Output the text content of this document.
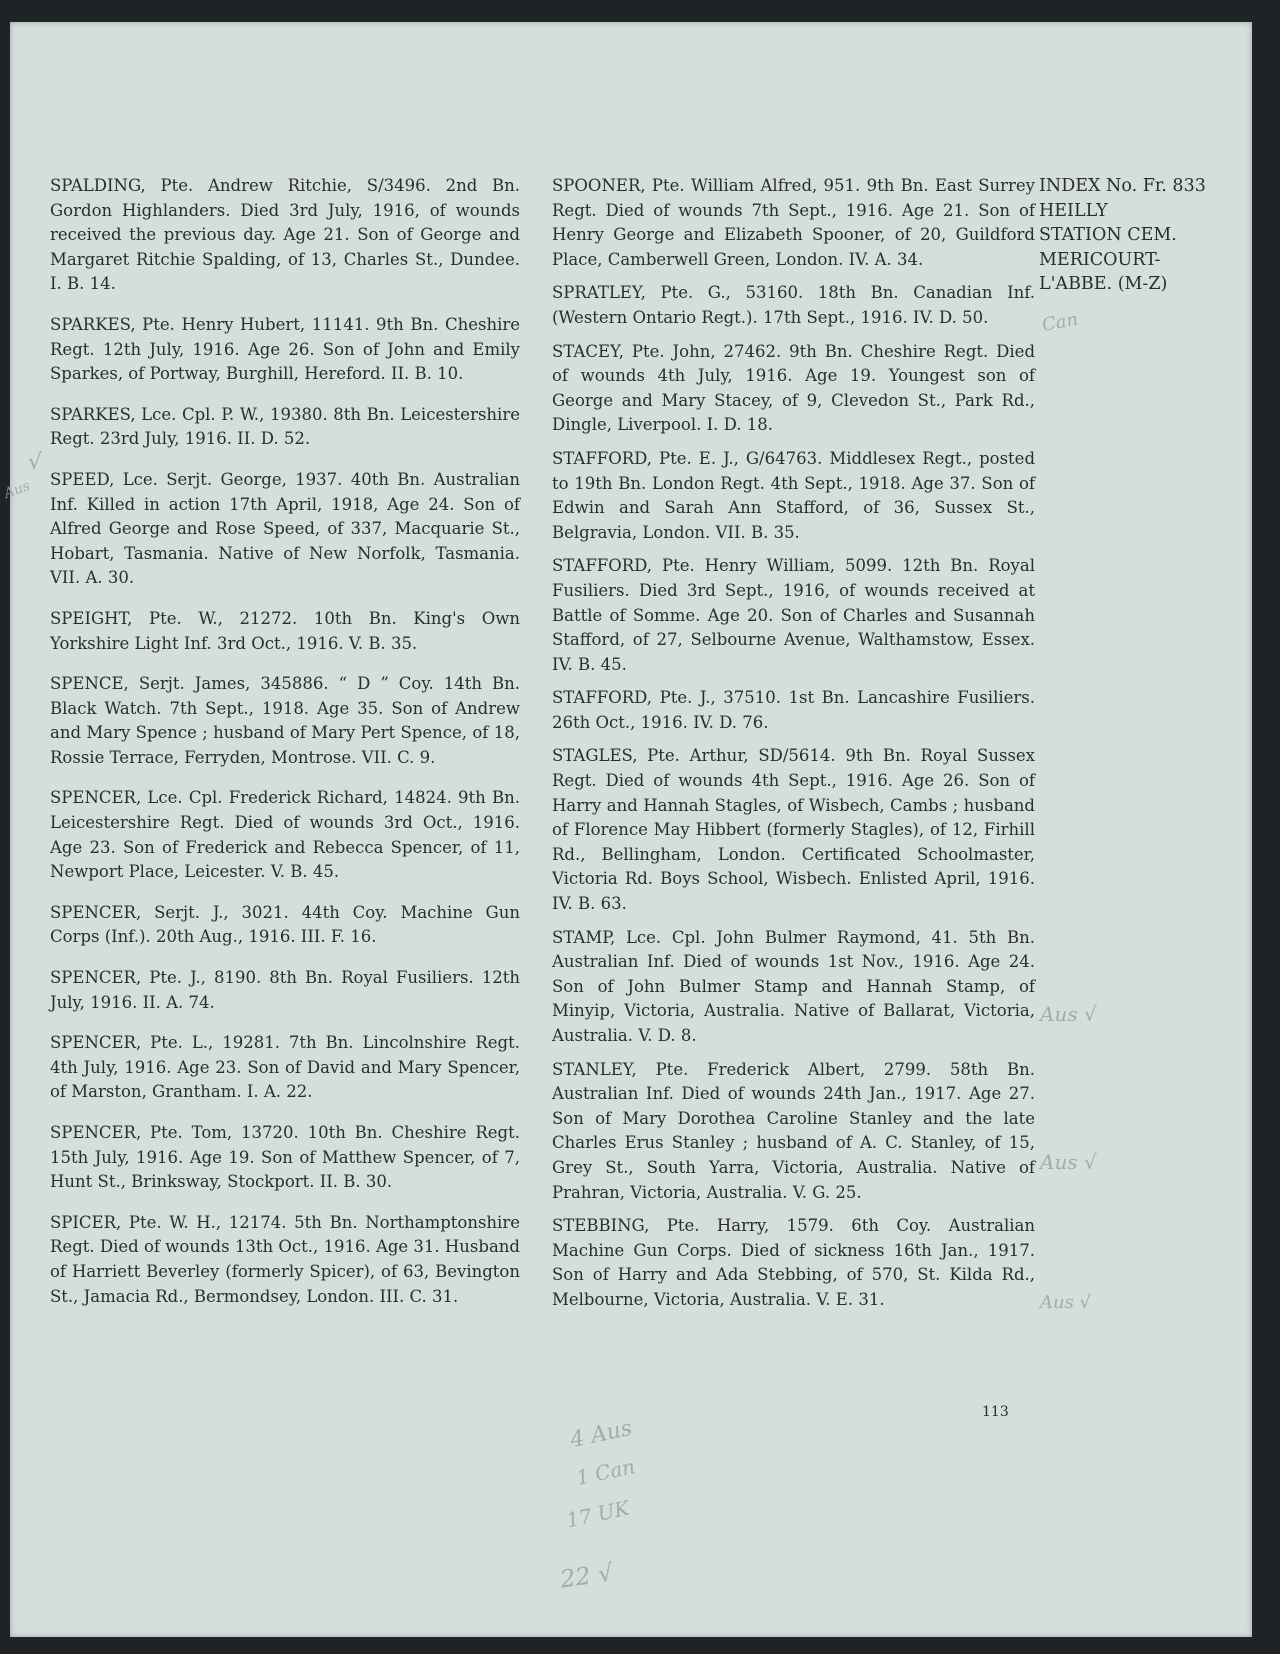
SPALDING, Pte. Andrew Ritchie, S/3496. 2nd Bn. Gordon Highlanders. Died 3rd July, 1916, of wounds received the previous day. Age 21. Son of George and Margaret Ritchie Spalding, of 13, Charles St., Dundee. I. B. 14.

SPARKES, Pte. Henry Hubert, 11141. 9th Bn. Cheshire Regt. 12th July, 1916. Age 26. Son of John and Emily Sparkes, of Portway, Burghill, Hereford. II. B. 10.

SPARKES, Lce. Cpl. P. W., 19380. 8th Bn. Leicestershire Regt. 23rd July, 1916. II. D. 52.

SPEED, Lce. Serjt. George, 1937. 40th Bn. Australian Inf. Killed in action 17th April, 1918, Age 24. Son of Alfred George and Rose Speed, of 337, Macquarie St., Hobart, Tasmania. Native of New Norfolk, Tasmania. VII. A. 30.

SPEIGHT, Pte. W., 21272. 10th Bn. King's Own Yorkshire Light Inf. 3rd Oct., 1916. V. B. 35.

SPENCE, Serjt. James, 345886. “ D ” Coy. 14th Bn. Black Watch. 7th Sept., 1918. Age 35. Son of Andrew and Mary Spence ; husband of Mary Pert Spence, of 18, Rossie Terrace, Ferryden, Montrose. VII. C. 9.

SPENCER, Lce. Cpl. Frederick Richard, 14824. 9th Bn. Leicestershire Regt. Died of wounds 3rd Oct., 1916. Age 23. Son of Frederick and Rebecca Spencer, of 11, Newport Place, Leicester. V. B. 45.

SPENCER, Serjt. J., 3021. 44th Coy. Machine Gun Corps (Inf.). 20th Aug., 1916. III. F. 16.

SPENCER, Pte. J., 8190. 8th Bn. Royal Fusiliers. 12th July, 1916. II. A. 74.

SPENCER, Pte. L., 19281. 7th Bn. Lincolnshire Regt. 4th July, 1916. Age 23. Son of David and Mary Spencer, of Marston, Grantham. I. A. 22.

SPENCER, Pte. Tom, 13720. 10th Bn. Cheshire Regt. 15th July, 1916. Age 19. Son of Matthew Spencer, of 7, Hunt St., Brinksway, Stockport. II. B. 30.

SPICER, Pte. W. H., 12174. 5th Bn. Northamptonshire Regt. Died of wounds 13th Oct., 1916. Age 31. Husband of Harriett Beverley (formerly Spicer), of 63, Bevington St., Jamacia Rd., Bermondsey, London. III. C. 31.

SPOONER, Pte. William Alfred, 951. 9th Bn. East Surrey Regt. Died of wounds 7th Sept., 1916. Age 21. Son of Henry George and Elizabeth Spooner, of 20, Guildford Place, Camberwell Green, London. IV. A. 34.

SPRATLEY, Pte. G., 53160. 18th Bn. Canadian Inf. (Western Ontario Regt.). 17th Sept., 1916. IV. D. 50.

STACEY, Pte. John, 27462. 9th Bn. Cheshire Regt. Died of wounds 4th July, 1916. Age 19. Youngest son of George and Mary Stacey, of 9, Clevedon St., Park Rd., Dingle, Liverpool. I. D. 18.

STAFFORD, Pte. E. J., G/64763. Middlesex Regt., posted to 19th Bn. London Regt. 4th Sept., 1918. Age 37. Son of Edwin and Sarah Ann Stafford, of 36, Sussex St., Belgravia, London. VII. B. 35.

STAFFORD, Pte. Henry William, 5099. 12th Bn. Royal Fusiliers. Died 3rd Sept., 1916, of wounds received at Battle of Somme. Age 20. Son of Charles and Susannah Stafford, of 27, Selbourne Avenue, Walthamstow, Essex. IV. B. 45.

STAFFORD, Pte. J., 37510. 1st Bn. Lancashire Fusiliers. 26th Oct., 1916. IV. D. 76.

STAGLES, Pte. Arthur, SD/5614. 9th Bn. Royal Sussex Regt. Died of wounds 4th Sept., 1916. Age 26. Son of Harry and Hannah Stagles, of Wisbech, Cambs ; husband of Florence May Hibbert (formerly Stagles), of 12, Firhill Rd., Bellingham, London. Certificated Schoolmaster, Victoria Rd. Boys School, Wisbech. Enlisted April, 1916. IV. B. 63.

STAMP, Lce. Cpl. John Bulmer Raymond, 41. 5th Bn. Australian Inf. Died of wounds 1st Nov., 1916. Age 24. Son of John Bulmer Stamp and Hannah Stamp, of Minyip, Victoria, Australia. Native of Ballarat, Victoria, Australia. V. D. 8.

STANLEY, Pte. Frederick Albert, 2799. 58th Bn. Australian Inf. Died of wounds 24th Jan., 1917. Age 27. Son of Mary Dorothea Caroline Stanley and the late Charles Erus Stanley ; husband of A. C. Stanley, of 15, Grey St., South Yarra, Victoria, Australia. Native of Prahran, Victoria, Australia. V. G. 25.

STEBBING, Pte. Harry, 1579. 6th Coy. Australian Machine Gun Corps. Died of sickness 16th Jan., 1917. Son of Harry and Ada Stebbing, of 570, St. Kilda Rd., Melbourne, Victoria, Australia. V. E. 31.

INDEX No. Fr. 833
HEILLY
STATION CEM.
MERICOURT-
L'ABBE. (M-Z)
113
√
Aus
Can
Aus √
Aus √
Aus √
4 Aus
1 Can
17 UK
22 √
